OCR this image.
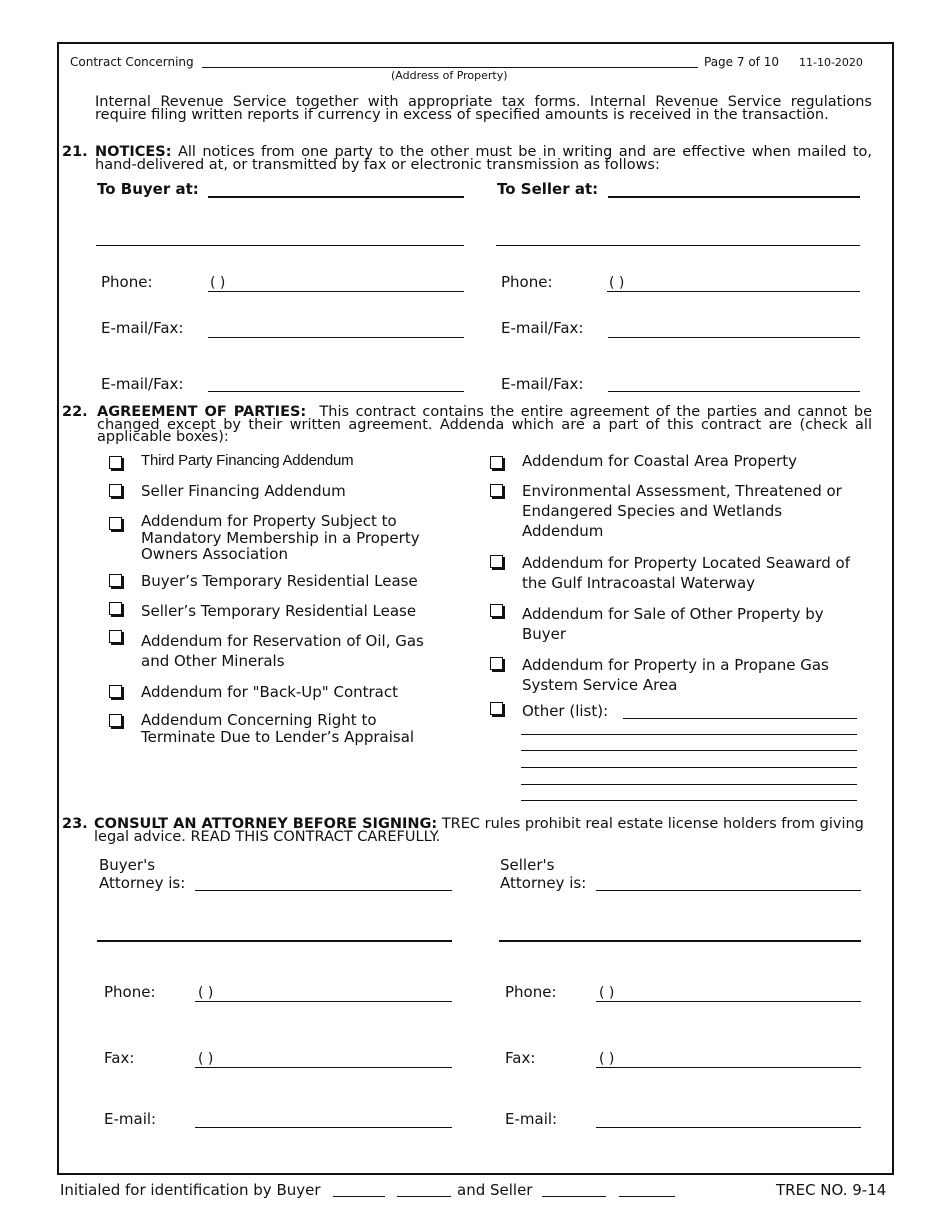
Contract Concerning
(Address of Property)
Page 7 of 10 11-10-2020
Internal Revenue Service together with appropriate tax forms. Internal Revenue Service regulations require filing written reports if currency in excess of specified amounts is received in the transaction.
21. NOTICES: All notices from one party to the other must be in writing and are effective when mailed to, hand-delivered at, or transmitted by fax or electronic transmission as follows:
To Buyer at:	To Seller at:
Phone:	( )	Phone:	( )
E-mail/Fax:	E-mail/Fax:
E-mail/Fax:	E-mail/Fax:
22. AGREEMENT OF PARTIES: This contract contains the entire agreement of the parties and cannot be changed except by their written agreement. Addenda which are a part of this contract are (check all applicable boxes):
Third Party Financing Addendum
Seller Financing Addendum
Addendum for Property Subject to Mandatory Membership in a Property Owners Association
Buyer’s Temporary Residential Lease
Seller’s Temporary Residential Lease
Addendum for Reservation of Oil, Gas and Other Minerals
Addendum for "Back-Up" Contract
Addendum Concerning Right to Terminate Due to Lender’s Appraisal
Addendum for Coastal Area Property
Environmental Assessment, Threatened or Endangered Species and Wetlands Addendum
Addendum for Property Located Seaward of the Gulf Intracoastal Waterway
Addendum for Sale of Other Property by Buyer
Addendum for Property in a Propane Gas System Service Area
Other (list):
23. CONSULT AN ATTORNEY BEFORE SIGNING: TREC rules prohibit real estate license holders from giving legal advice. READ THIS CONTRACT CAREFULLY.
Buyer's
Attorney is:
Seller's
Attorney is:
Phone:	( )	Phone:	( )
Fax:	( )	Fax:	( )
E-mail:	E-mail:
Initialed for identification by Buyer	and Seller	TREC NO. 9-14
